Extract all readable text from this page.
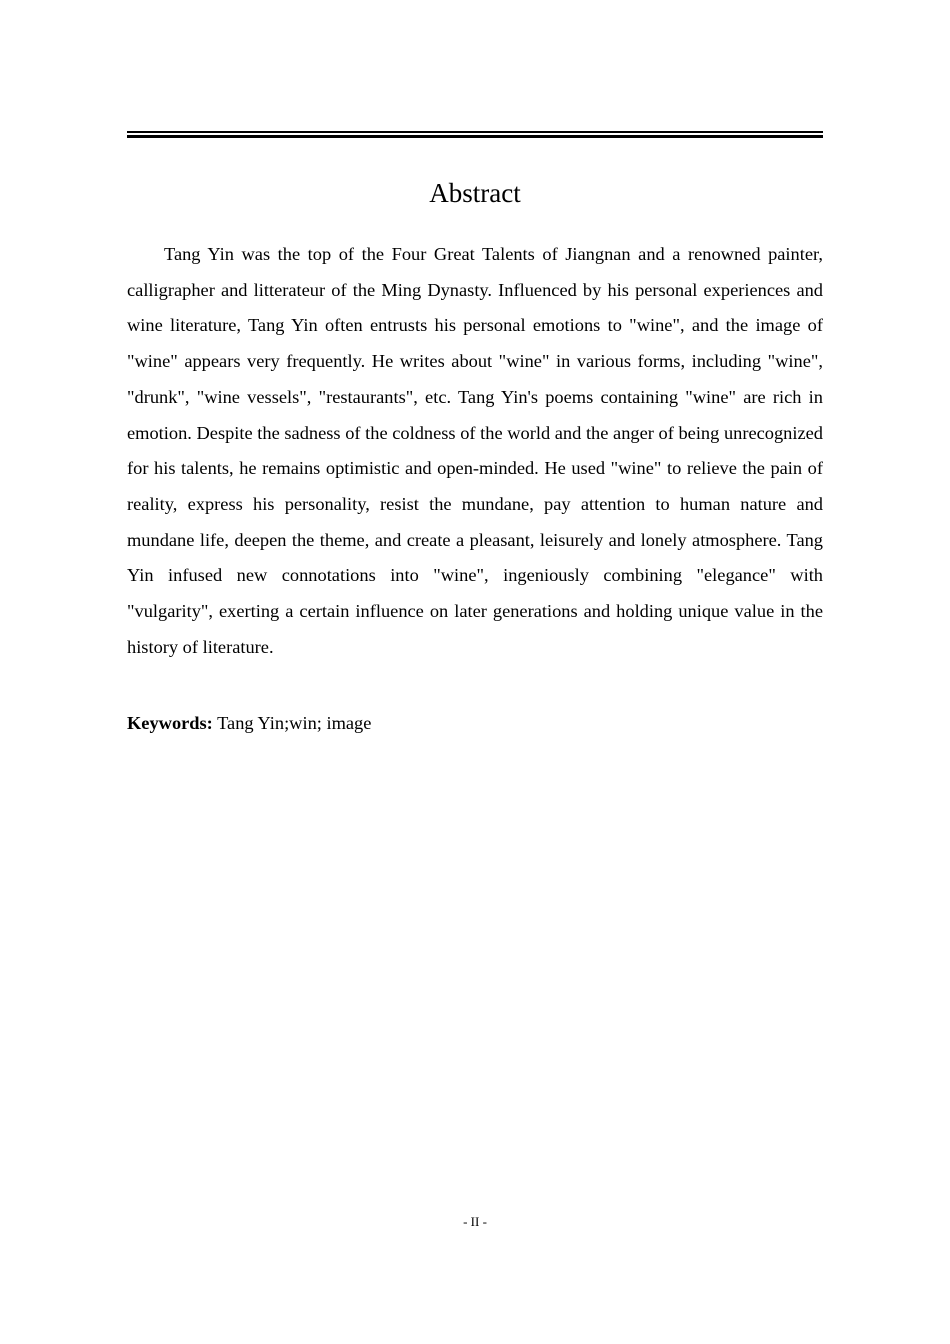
Abstract

Tang Yin was the top of the Four Great Talents of Jiangnan and a renowned painter, calligrapher and litterateur of the Ming Dynasty. Influenced by his personal experiences and wine literature, Tang Yin often entrusts his personal emotions to "wine", and the image of "wine" appears very frequently. He writes about "wine" in various forms, including "wine", "drunk", "wine vessels", "restaurants", etc. Tang Yin's poems containing "wine" are rich in emotion. Despite the sadness of the coldness of the world and the anger of being unrecognized for his talents, he remains optimistic and open-minded. He used "wine" to relieve the pain of reality, express his personality, resist the mundane, pay attention to human nature and mundane life, deepen the theme, and create a pleasant, leisurely and lonely atmosphere. Tang Yin infused new connotations into "wine", ingeniously combining "elegance" with "vulgarity", exerting a certain influence on later generations and holding unique value in the history of literature.

Keywords: Tang Yin;win; image
- II -
